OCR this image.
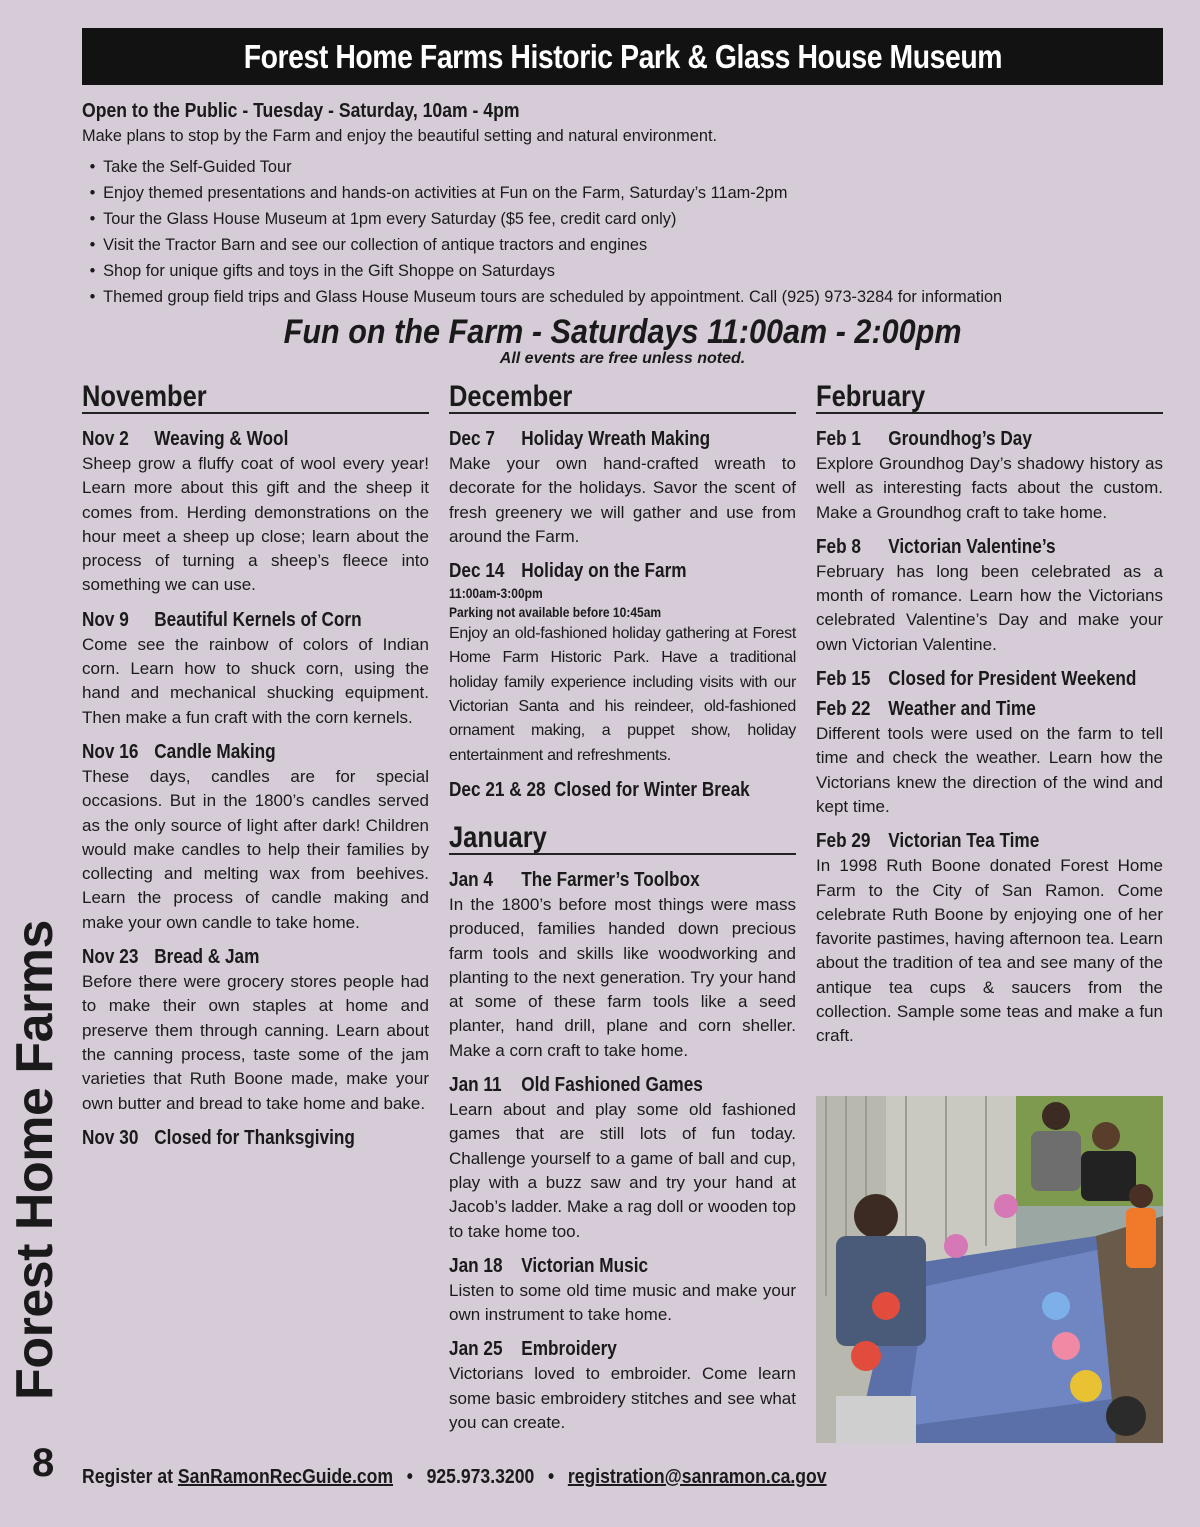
Forest Home Farms Historic Park & Glass House Museum
Open to the Public - Tuesday - Saturday, 10am - 4pm
Make plans to stop by the Farm and enjoy the beautiful setting and natural environment.
• Take the Self-Guided Tour
• Enjoy themed presentations and hands-on activities at Fun on the Farm, Saturday’s 11am-2pm
• Tour the Glass House Museum at 1pm every Saturday ($5 fee, credit card only)
• Visit the Tractor Barn and see our collection of antique tractors and engines
• Shop for unique gifts and toys in the Gift Shoppe on Saturdays
• Themed group field trips and Glass House Museum tours are scheduled by appointment. Call (925) 973-3284 for information
Fun on the Farm - Saturdays 11:00am - 2:00pm
All events are free unless noted.
November
Nov 2 Weaving & Wool

Sheep grow a fluffy coat of wool every year! Learn more about this gift and the sheep it comes from. Herding demonstrations on the hour meet a sheep up close; learn about the process of turning a sheep’s fleece into something we can use.

Nov 9 Beautiful Kernels of Corn

Come see the rainbow of colors of Indian corn. Learn how to shuck corn, using the hand and mechanical shucking equipment. Then make a fun craft with the corn kernels.

Nov 16 Candle Making

These days, candles are for special occasions. But in the 1800’s candles served as the only source of light after dark! Children would make candles to help their families by collecting and melting wax from beehives. Learn the process of candle making and make your own candle to take home.

Nov 23 Bread & Jam

Before there were grocery stores people had to make their own staples at home and preserve them through canning. Learn about the canning process, taste some of the jam varieties that Ruth Boone made, make your own butter and bread to take home and bake.

Nov 30 Closed for Thanksgiving
December
Dec 7 Holiday Wreath Making

Make your own hand-crafted wreath to decorate for the holidays. Savor the scent of fresh greenery we will gather and use from around the Farm.

Dec 14 Holiday on the Farm
11:00am-3:00pm
Parking not available before 10:45am

Enjoy an old-fashioned holiday gathering at Forest Home Farm Historic Park. Have a traditional holiday family experience including visits with our Victorian Santa and his reindeer, old-fashioned ornament making, a puppet show, holiday entertainment and refreshments.

Dec 21 & 28 Closed for Winter Break
January
Jan 4 The Farmer’s Toolbox

In the 1800’s before most things were mass produced, families handed down precious farm tools and skills like woodworking and planting to the next generation. Try your hand at some of these farm tools like a seed planter, hand drill, plane and corn sheller. Make a corn craft to take home.

Jan 11 Old Fashioned Games

Learn about and play some old fashioned games that are still lots of fun today. Challenge yourself to a game of ball and cup, play with a buzz saw and try your hand at Jacob’s ladder. Make a rag doll or wooden top to take home too.

Jan 18 Victorian Music

Listen to some old time music and make your own instrument to take home.

Jan 25 Embroidery

Victorians loved to embroider. Come learn some basic embroidery stitches and see what you can create.

February
Feb 1 Groundhog’s Day

Explore Groundhog Day’s shadowy history as well as interesting facts about the custom. Make a Groundhog craft to take home.

Feb 8 Victorian Valentine’s

February has long been celebrated as a month of romance. Learn how the Victorians celebrated Valentine’s Day and make your own Victorian Valentine.

Feb 15 Closed for President Weekend
Feb 22 Weather and Time

Different tools were used on the farm to tell time and check the weather. Learn how the Victorians knew the direction of the wind and kept time.

Feb 29 Victorian Tea Time

In 1998 Ruth Boone donated Forest Home Farm to the City of San Ramon. Come celebrate Ruth Boone by enjoying one of her favorite pastimes, having afternoon tea. Learn about the tradition of tea and see many of the antique tea cups & saucers from the collection. Sample some teas and make a fun craft.

Forest Home Farms
8 Register at SanRamonRecGuide.com • 925.973.3200 • registration@sanramon.ca.gov
